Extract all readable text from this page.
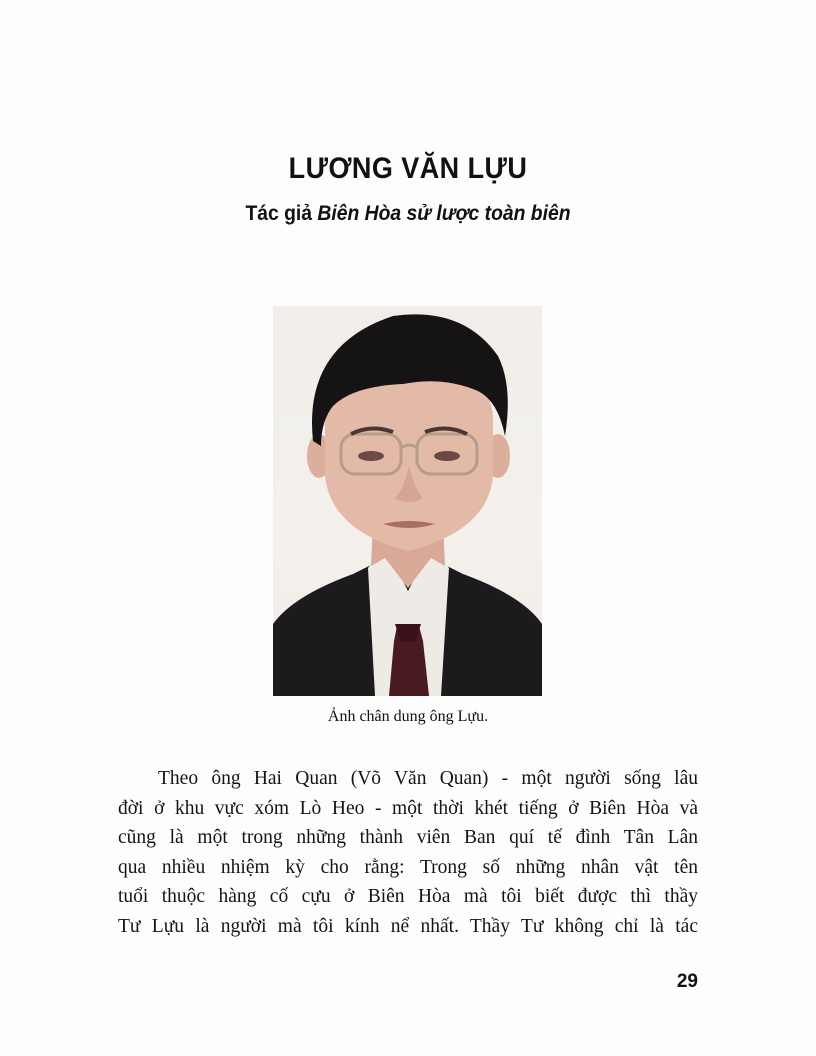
LƯƠNG VĂN LỰU
Tác giả Biên Hòa sử lược toàn biên
Ảnh chân dung ông Lựu.
Theo ông Hai Quan (Võ Văn Quan) - một người sống lâu
đời ở khu vực xóm Lò Heo - một thời khét tiếng ở Biên Hòa và
cũng là một trong những thành viên Ban quí tế đình Tân Lân
qua nhiều nhiệm kỳ cho rằng: Trong số những nhân vật tên
tuổi thuộc hàng cố cựu ở Biên Hòa mà tôi biết được thì thầy
Tư Lựu là người mà tôi kính nể nhất. Thầy Tư không chỉ là tác
29
